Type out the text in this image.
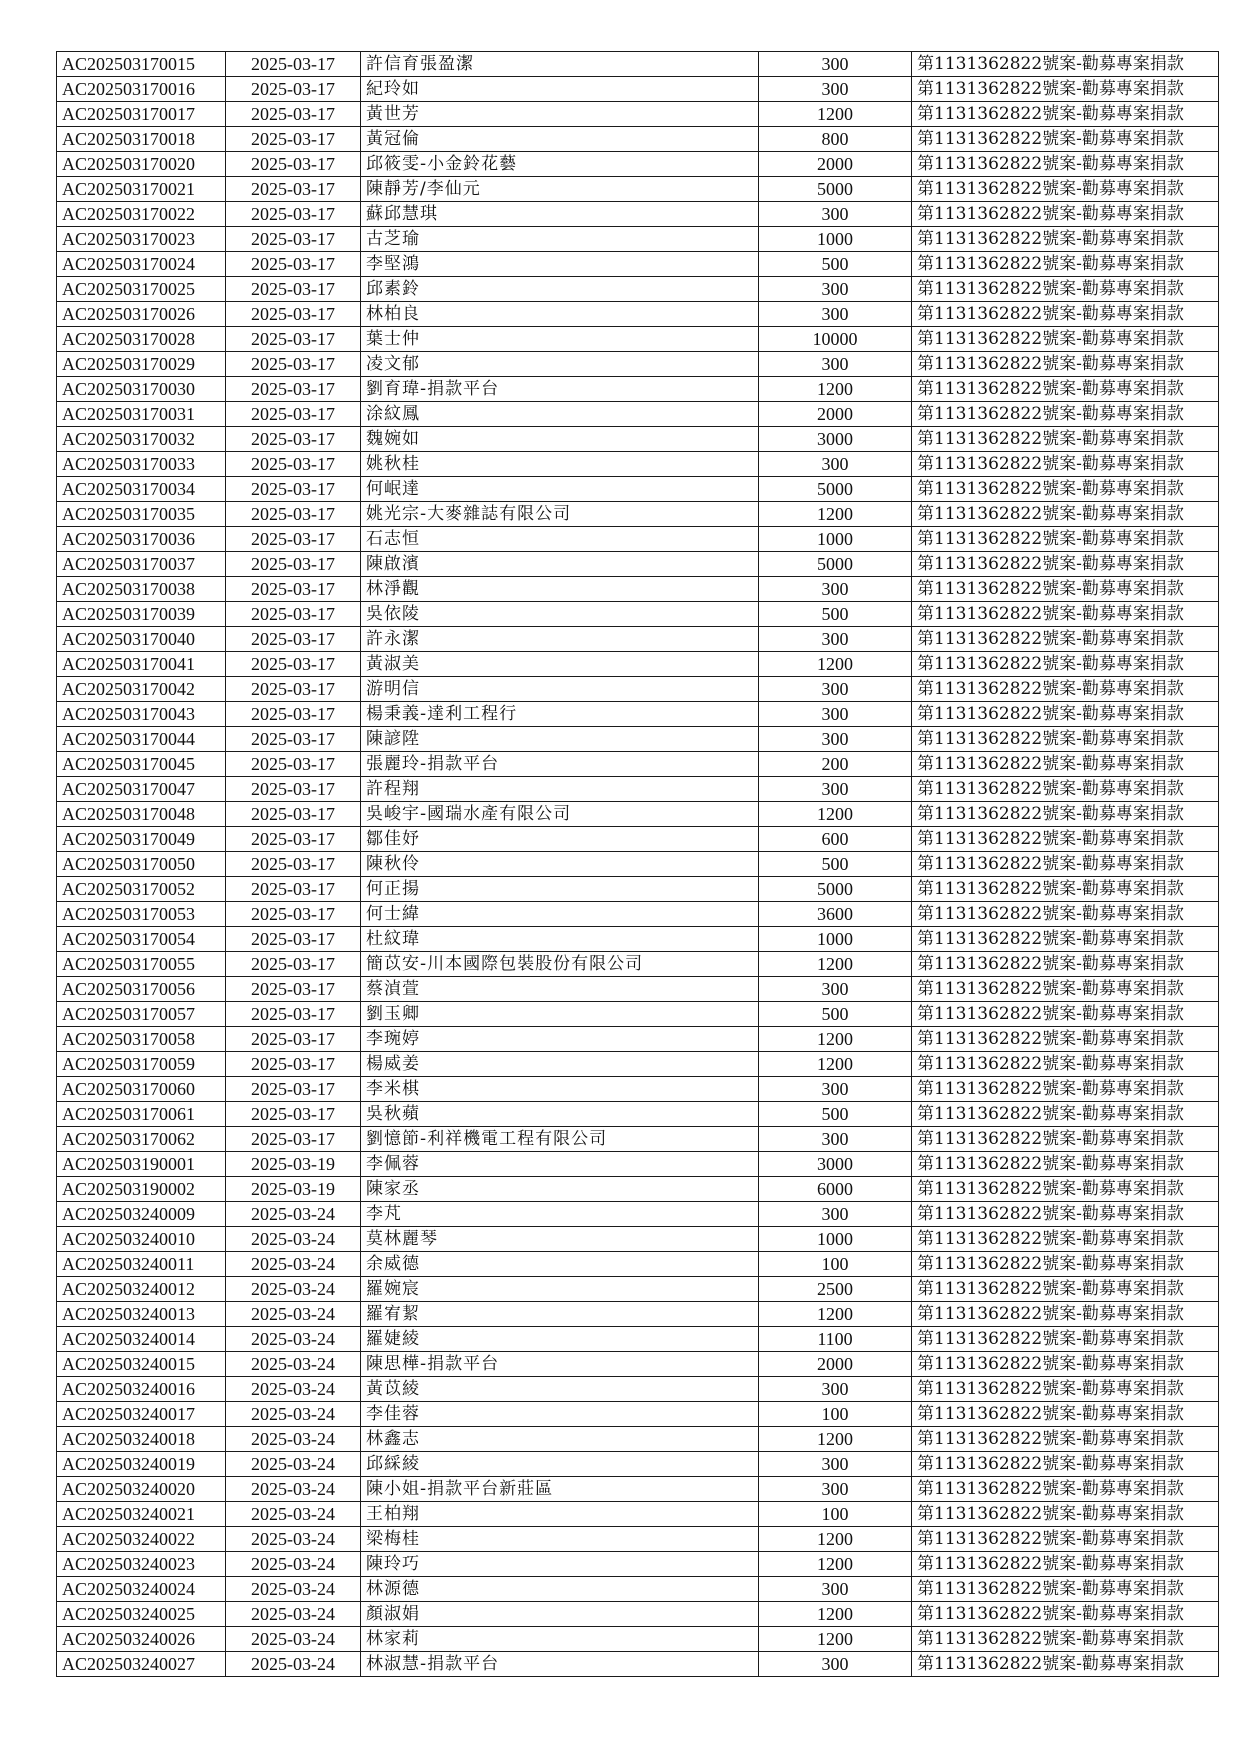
AC202503170015	2025-03-17	許信育張盈潔	300	第1131362822號案-勸募專案捐款
AC202503170016	2025-03-17	紀玲如	300	第1131362822號案-勸募專案捐款
AC202503170017	2025-03-17	黃世芳	1200	第1131362822號案-勸募專案捐款
AC202503170018	2025-03-17	黃冠倫	800	第1131362822號案-勸募專案捐款
AC202503170020	2025-03-17	邱筱雯-小金鈴花藝	2000	第1131362822號案-勸募專案捐款
AC202503170021	2025-03-17	陳靜芳/李仙元	5000	第1131362822號案-勸募專案捐款
AC202503170022	2025-03-17	蘇邱慧琪	300	第1131362822號案-勸募專案捐款
AC202503170023	2025-03-17	古芝瑜	1000	第1131362822號案-勸募專案捐款
AC202503170024	2025-03-17	李堅鴻	500	第1131362822號案-勸募專案捐款
AC202503170025	2025-03-17	邱素鈴	300	第1131362822號案-勸募專案捐款
AC202503170026	2025-03-17	林柏良	300	第1131362822號案-勸募專案捐款
AC202503170028	2025-03-17	葉士仲	10000	第1131362822號案-勸募專案捐款
AC202503170029	2025-03-17	凌文郁	300	第1131362822號案-勸募專案捐款
AC202503170030	2025-03-17	劉育瑋-捐款平台	1200	第1131362822號案-勸募專案捐款
AC202503170031	2025-03-17	涂紋鳳	2000	第1131362822號案-勸募專案捐款
AC202503170032	2025-03-17	魏婉如	3000	第1131362822號案-勸募專案捐款
AC202503170033	2025-03-17	姚秋桂	300	第1131362822號案-勸募專案捐款
AC202503170034	2025-03-17	何岷達	5000	第1131362822號案-勸募專案捐款
AC202503170035	2025-03-17	姚光宗-大麥雜誌有限公司	1200	第1131362822號案-勸募專案捐款
AC202503170036	2025-03-17	石志恒	1000	第1131362822號案-勸募專案捐款
AC202503170037	2025-03-17	陳啟濱	5000	第1131362822號案-勸募專案捐款
AC202503170038	2025-03-17	林淨觀	300	第1131362822號案-勸募專案捐款
AC202503170039	2025-03-17	吳依陵	500	第1131362822號案-勸募專案捐款
AC202503170040	2025-03-17	許永潔	300	第1131362822號案-勸募專案捐款
AC202503170041	2025-03-17	黃淑美	1200	第1131362822號案-勸募專案捐款
AC202503170042	2025-03-17	游明信	300	第1131362822號案-勸募專案捐款
AC202503170043	2025-03-17	楊秉義-達利工程行	300	第1131362822號案-勸募專案捐款
AC202503170044	2025-03-17	陳諺陞	300	第1131362822號案-勸募專案捐款
AC202503170045	2025-03-17	張麗玲-捐款平台	200	第1131362822號案-勸募專案捐款
AC202503170047	2025-03-17	許程翔	300	第1131362822號案-勸募專案捐款
AC202503170048	2025-03-17	吳峻宇-國瑞水產有限公司	1200	第1131362822號案-勸募專案捐款
AC202503170049	2025-03-17	鄒佳妤	600	第1131362822號案-勸募專案捐款
AC202503170050	2025-03-17	陳秋伶	500	第1131362822號案-勸募專案捐款
AC202503170052	2025-03-17	何正揚	5000	第1131362822號案-勸募專案捐款
AC202503170053	2025-03-17	何士緯	3600	第1131362822號案-勸募專案捐款
AC202503170054	2025-03-17	杜紋瑋	1000	第1131362822號案-勸募專案捐款
AC202503170055	2025-03-17	簡苡安-川本國際包裝股份有限公司	1200	第1131362822號案-勸募專案捐款
AC202503170056	2025-03-17	蔡湞萱	300	第1131362822號案-勸募專案捐款
AC202503170057	2025-03-17	劉玉卿	500	第1131362822號案-勸募專案捐款
AC202503170058	2025-03-17	李琬婷	1200	第1131362822號案-勸募專案捐款
AC202503170059	2025-03-17	楊威姜	1200	第1131362822號案-勸募專案捐款
AC202503170060	2025-03-17	李米棋	300	第1131362822號案-勸募專案捐款
AC202503170061	2025-03-17	吳秋蘋	500	第1131362822號案-勸募專案捐款
AC202503170062	2025-03-17	劉憶節-利祥機電工程有限公司	300	第1131362822號案-勸募專案捐款
AC202503190001	2025-03-19	李佩蓉	3000	第1131362822號案-勸募專案捐款
AC202503190002	2025-03-19	陳家丞	6000	第1131362822號案-勸募專案捐款
AC202503240009	2025-03-24	李芃	300	第1131362822號案-勸募專案捐款
AC202503240010	2025-03-24	莫林麗琴	1000	第1131362822號案-勸募專案捐款
AC202503240011	2025-03-24	余威德	100	第1131362822號案-勸募專案捐款
AC202503240012	2025-03-24	羅婉宸	2500	第1131362822號案-勸募專案捐款
AC202503240013	2025-03-24	羅宥絜	1200	第1131362822號案-勸募專案捐款
AC202503240014	2025-03-24	羅婕綾	1100	第1131362822號案-勸募專案捐款
AC202503240015	2025-03-24	陳思樺-捐款平台	2000	第1131362822號案-勸募專案捐款
AC202503240016	2025-03-24	黃苡綾	300	第1131362822號案-勸募專案捐款
AC202503240017	2025-03-24	李佳蓉	100	第1131362822號案-勸募專案捐款
AC202503240018	2025-03-24	林鑫志	1200	第1131362822號案-勸募專案捐款
AC202503240019	2025-03-24	邱綵綾	300	第1131362822號案-勸募專案捐款
AC202503240020	2025-03-24	陳小姐-捐款平台新莊區	300	第1131362822號案-勸募專案捐款
AC202503240021	2025-03-24	王柏翔	100	第1131362822號案-勸募專案捐款
AC202503240022	2025-03-24	梁梅桂	1200	第1131362822號案-勸募專案捐款
AC202503240023	2025-03-24	陳玲巧	1200	第1131362822號案-勸募專案捐款
AC202503240024	2025-03-24	林源德	300	第1131362822號案-勸募專案捐款
AC202503240025	2025-03-24	顏淑娟	1200	第1131362822號案-勸募專案捐款
AC202503240026	2025-03-24	林家莉	1200	第1131362822號案-勸募專案捐款
AC202503240027	2025-03-24	林淑慧-捐款平台	300	第1131362822號案-勸募專案捐款
